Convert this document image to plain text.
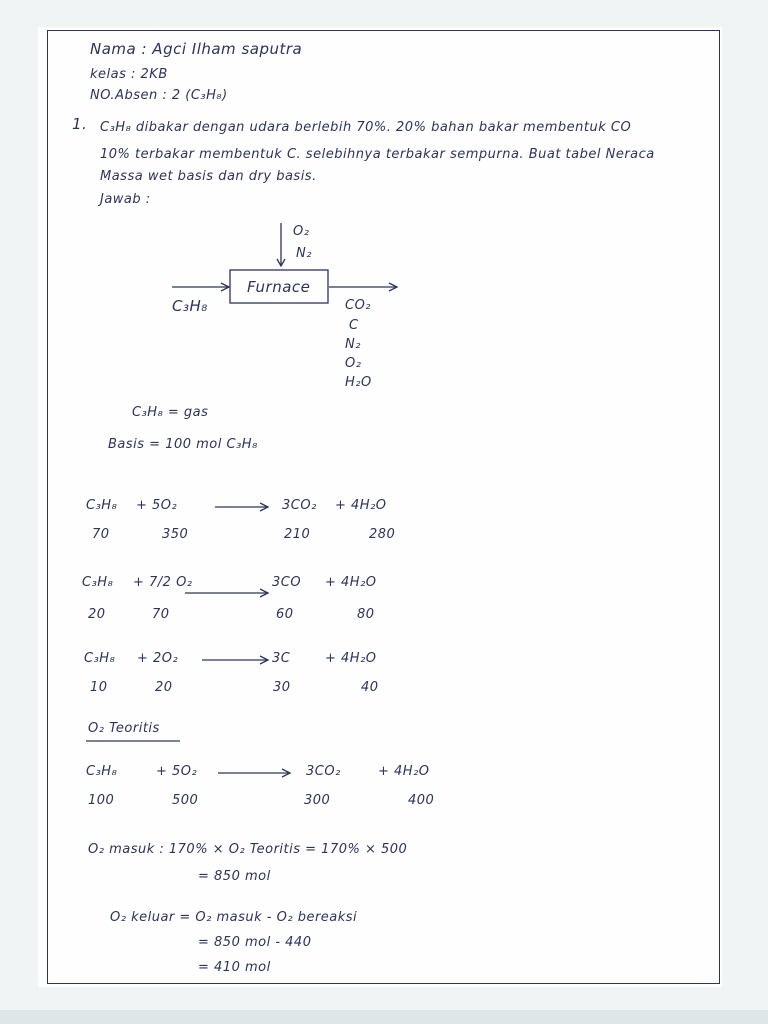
Nama : Agci Ilham saputra
kelas : 2KB
NO.Absen : 2 (C₃H₈)
1. C₃H₈ dibakar dengan udara berlebih 70%. 20% bahan bakar membentuk CO
10% terbakar membentuk C. selebihnya terbakar sempurna. Buat tabel Neraca
Massa wet basis dan dry basis.
Jawab :
O₂
N₂
Furnace
C₃H₈	CO₂
C
N₂
O₂
H₂O
C₃H₈ = gas
Basis = 100 mol C₃H₈
C₃H₈ + 5O₂	3CO₂ + 4H₂O
70	350	210	280
C₃H₈ + 7/2 O₂	3CO + 4H₂O
20	70	60	80
C₃H₈ + 2O₂	3C	+ 4H₂O
10	20	30	40
O₂ Teoritis
C₃H₈	+ 5O₂	3CO₂	+ 4H₂O
100	500	300	400
O₂ masuk : 170% × O₂ Teoritis = 170% × 500
= 850 mol
O₂ keluar = O₂ masuk - O₂ bereaksi
= 850 mol - 440
= 410 mol
